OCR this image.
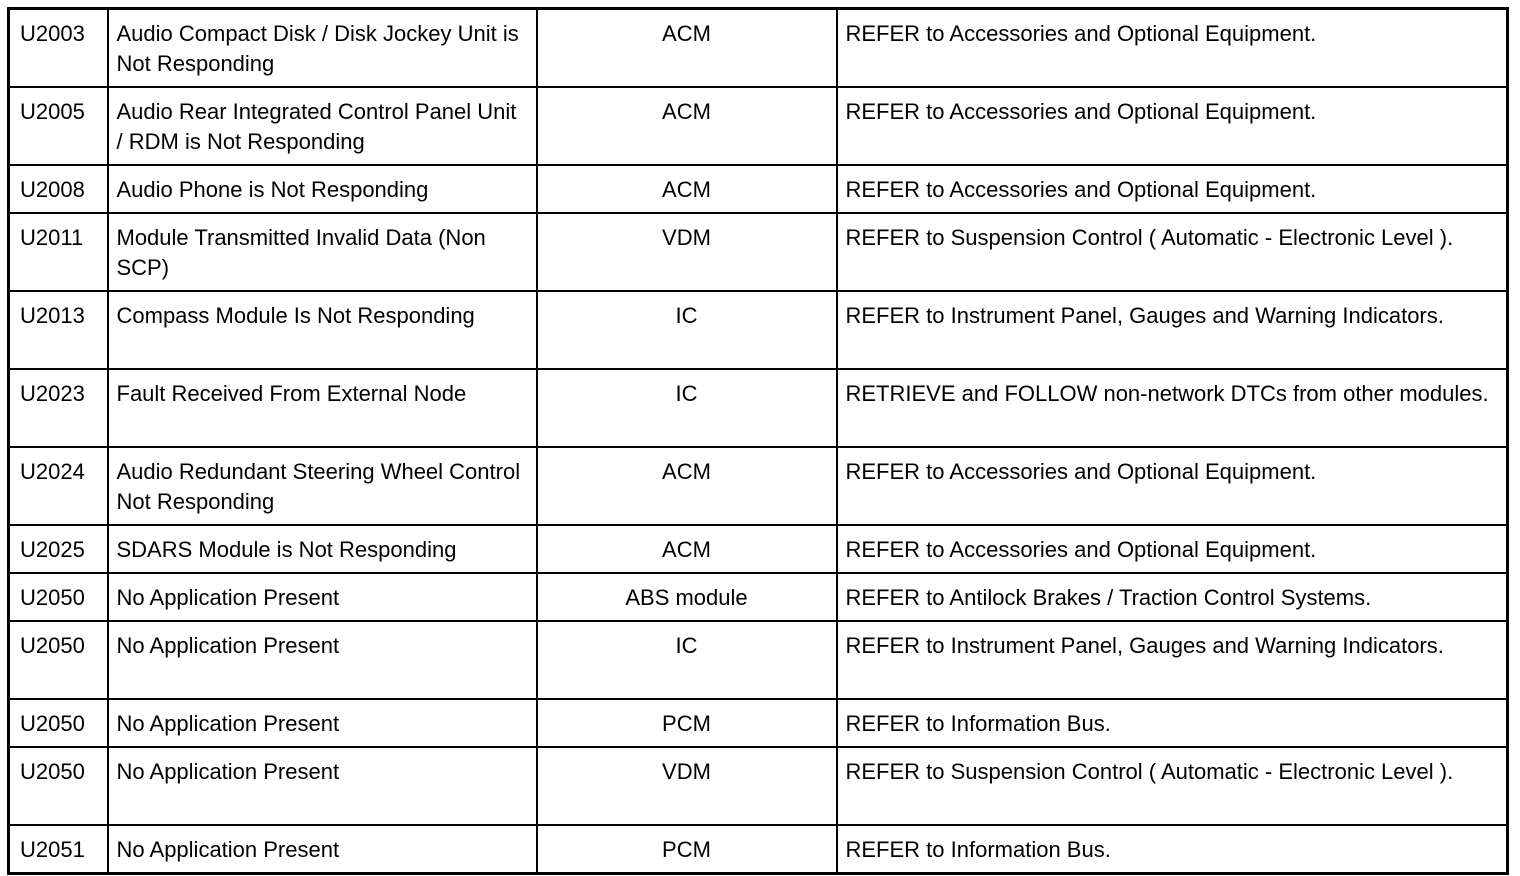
U2003	Audio Compact Disk / Disk Jockey Unit is Not Responding	ACM	REFER to Accessories and Optional Equipment.
U2005	Audio Rear Integrated Control Panel Unit / RDM is Not Responding	ACM	REFER to Accessories and Optional Equipment.
U2008	Audio Phone is Not Responding	ACM	REFER to Accessories and Optional Equipment.
U2011	Module Transmitted Invalid Data (Non SCP)	VDM	REFER to Suspension Control ( Automatic - Electronic Level ).
U2013	Compass Module Is Not Responding	IC	REFER to Instrument Panel, Gauges and Warning Indicators.
U2023	Fault Received From External Node	IC	RETRIEVE and FOLLOW non-network DTCs from other modules.
U2024	Audio Redundant Steering Wheel Control Not Responding	ACM	REFER to Accessories and Optional Equipment.
U2025	SDARS Module is Not Responding	ACM	REFER to Accessories and Optional Equipment.
U2050	No Application Present	ABS module	REFER to Antilock Brakes / Traction Control Systems.
U2050	No Application Present	IC	REFER to Instrument Panel, Gauges and Warning Indicators.
U2050	No Application Present	PCM	REFER to Information Bus.
U2050	No Application Present	VDM	REFER to Suspension Control ( Automatic - Electronic Level ).
U2051	No Application Present	PCM	REFER to Information Bus.
